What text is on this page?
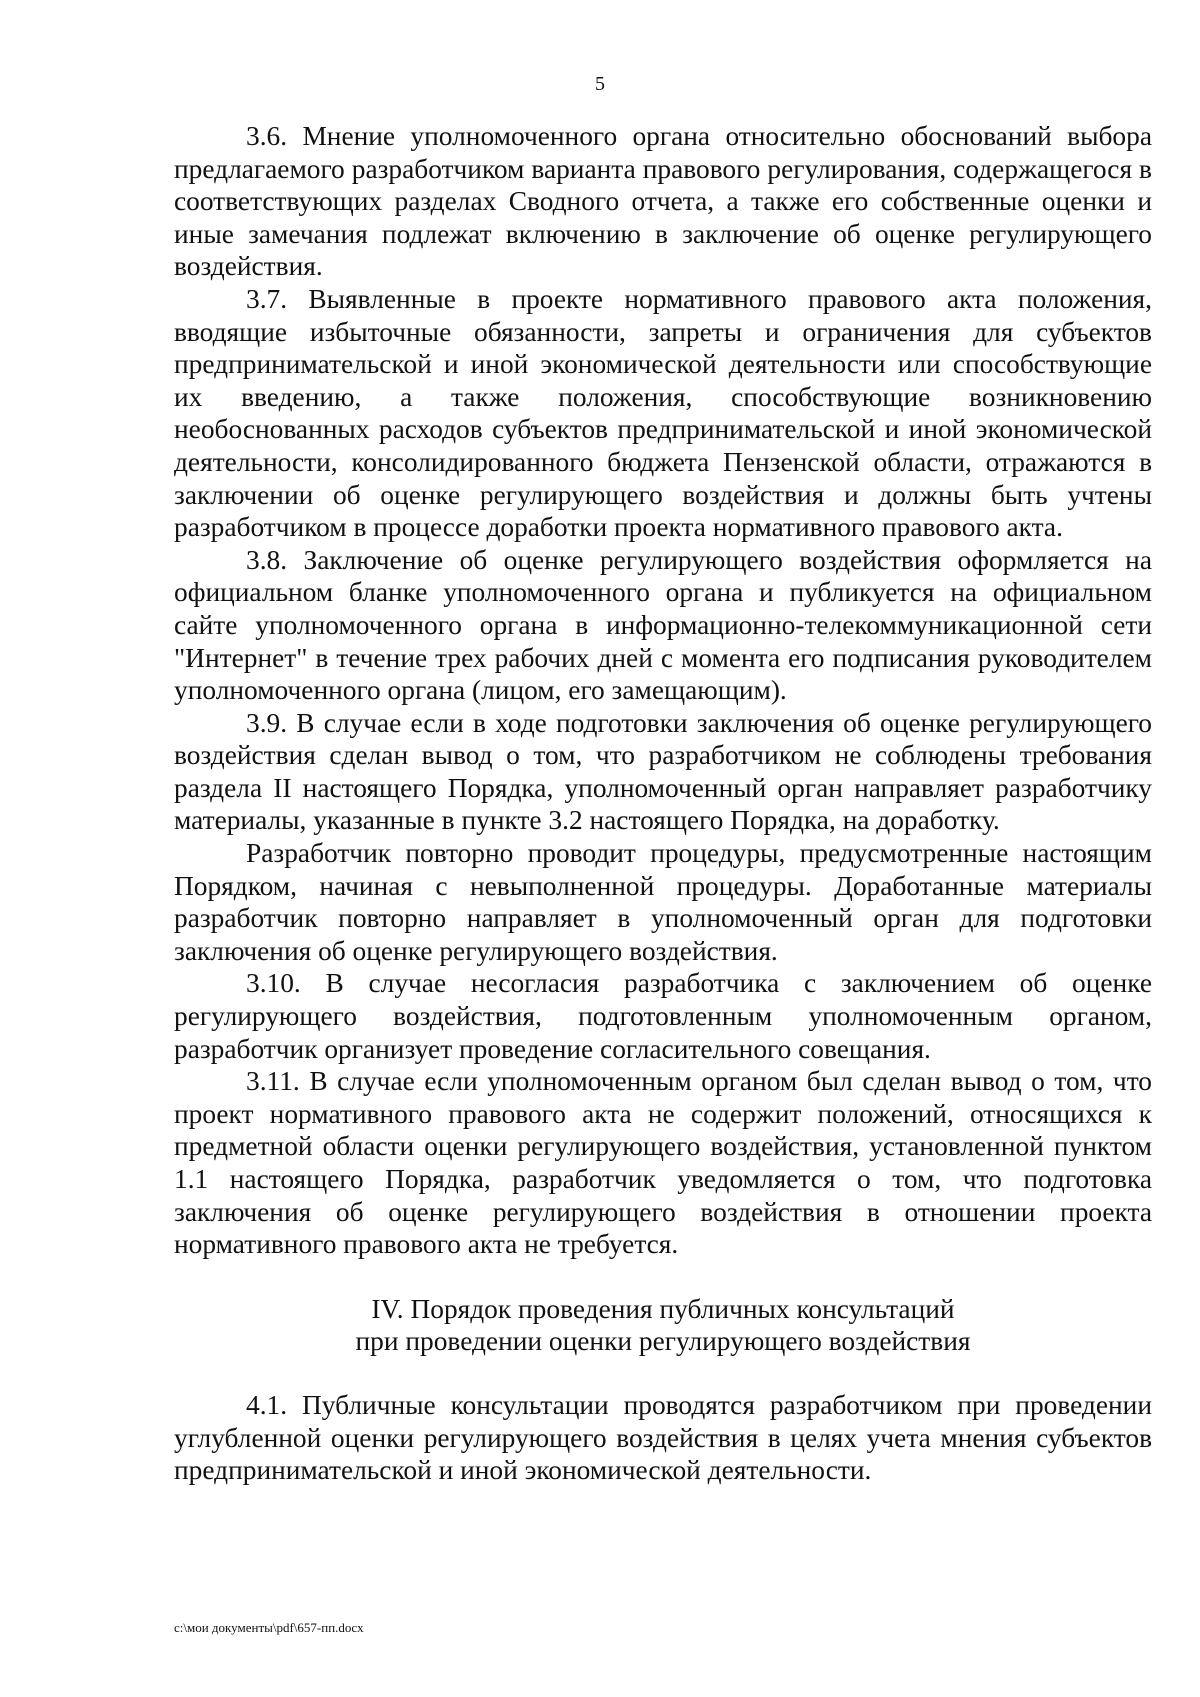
5

3.6. Мнение уполномоченного органа относительно обоснований выбора предлагаемого разработчиком варианта правового регулирования, содержащегося в соответствующих разделах Сводного отчета, а также его собственные оценки и иные замечания подлежат включению в заключение об оценке регулирующего воздействия.

3.7. Выявленные в проекте нормативного правового акта положения, вводящие избыточные обязанности, запреты и ограничения для субъектов предпринимательской и иной экономической деятельности или способствующие их введению, а также положения, способствующие возникновению необоснованных расходов субъектов предпринимательской и иной экономической деятельности, консолидированного бюджета Пензенской области, отражаются в заключении об оценке регулирующего воздействия и должны быть учтены разработчиком в процессе доработки проекта нормативного правового акта.

3.8. Заключение об оценке регулирующего воздействия оформляется на официальном бланке уполномоченного органа и публикуется на официальном сайте уполномоченного органа в информационно-телекоммуникационной сети "Интернет" в течение трех рабочих дней с момента его подписания руководителем уполномоченного органа (лицом, его замещающим).

3.9. В случае если в ходе подготовки заключения об оценке регулирующего воздействия сделан вывод о том, что разработчиком не соблюдены требования раздела II настоящего Порядка, уполномоченный орган направляет разработчику материалы, указанные в пункте 3.2 настоящего Порядка, на доработку.

Разработчик повторно проводит процедуры, предусмотренные настоящим Порядком, начиная с невыполненной процедуры. Доработанные материалы разработчик повторно направляет в уполномоченный орган для подготовки заключения об оценке регулирующего воздействия.

3.10. В случае несогласия разработчика с заключением об оценке регулирующего воздействия, подготовленным уполномоченным органом, разработчик организует проведение согласительного совещания.

3.11. В случае если уполномоченным органом был сделан вывод о том, что проект нормативного правового акта не содержит положений, относящихся к предметной области оценки регулирующего воздействия, установленной пунктом 1.1 настоящего Порядка, разработчик уведомляется о том, что подготовка заключения об оценке регулирующего воздействия в отношении проекта нормативного правового акта не требуется.

IV. Порядок проведения публичных консультаций
при проведении оценки регулирующего воздействия

4.1. Публичные консультации проводятся разработчиком при проведении углубленной оценки регулирующего воздействия в целях учета мнения субъектов предпринимательской и иной экономической деятельности.

c:\мои документы\pdf\657-пп.docx
